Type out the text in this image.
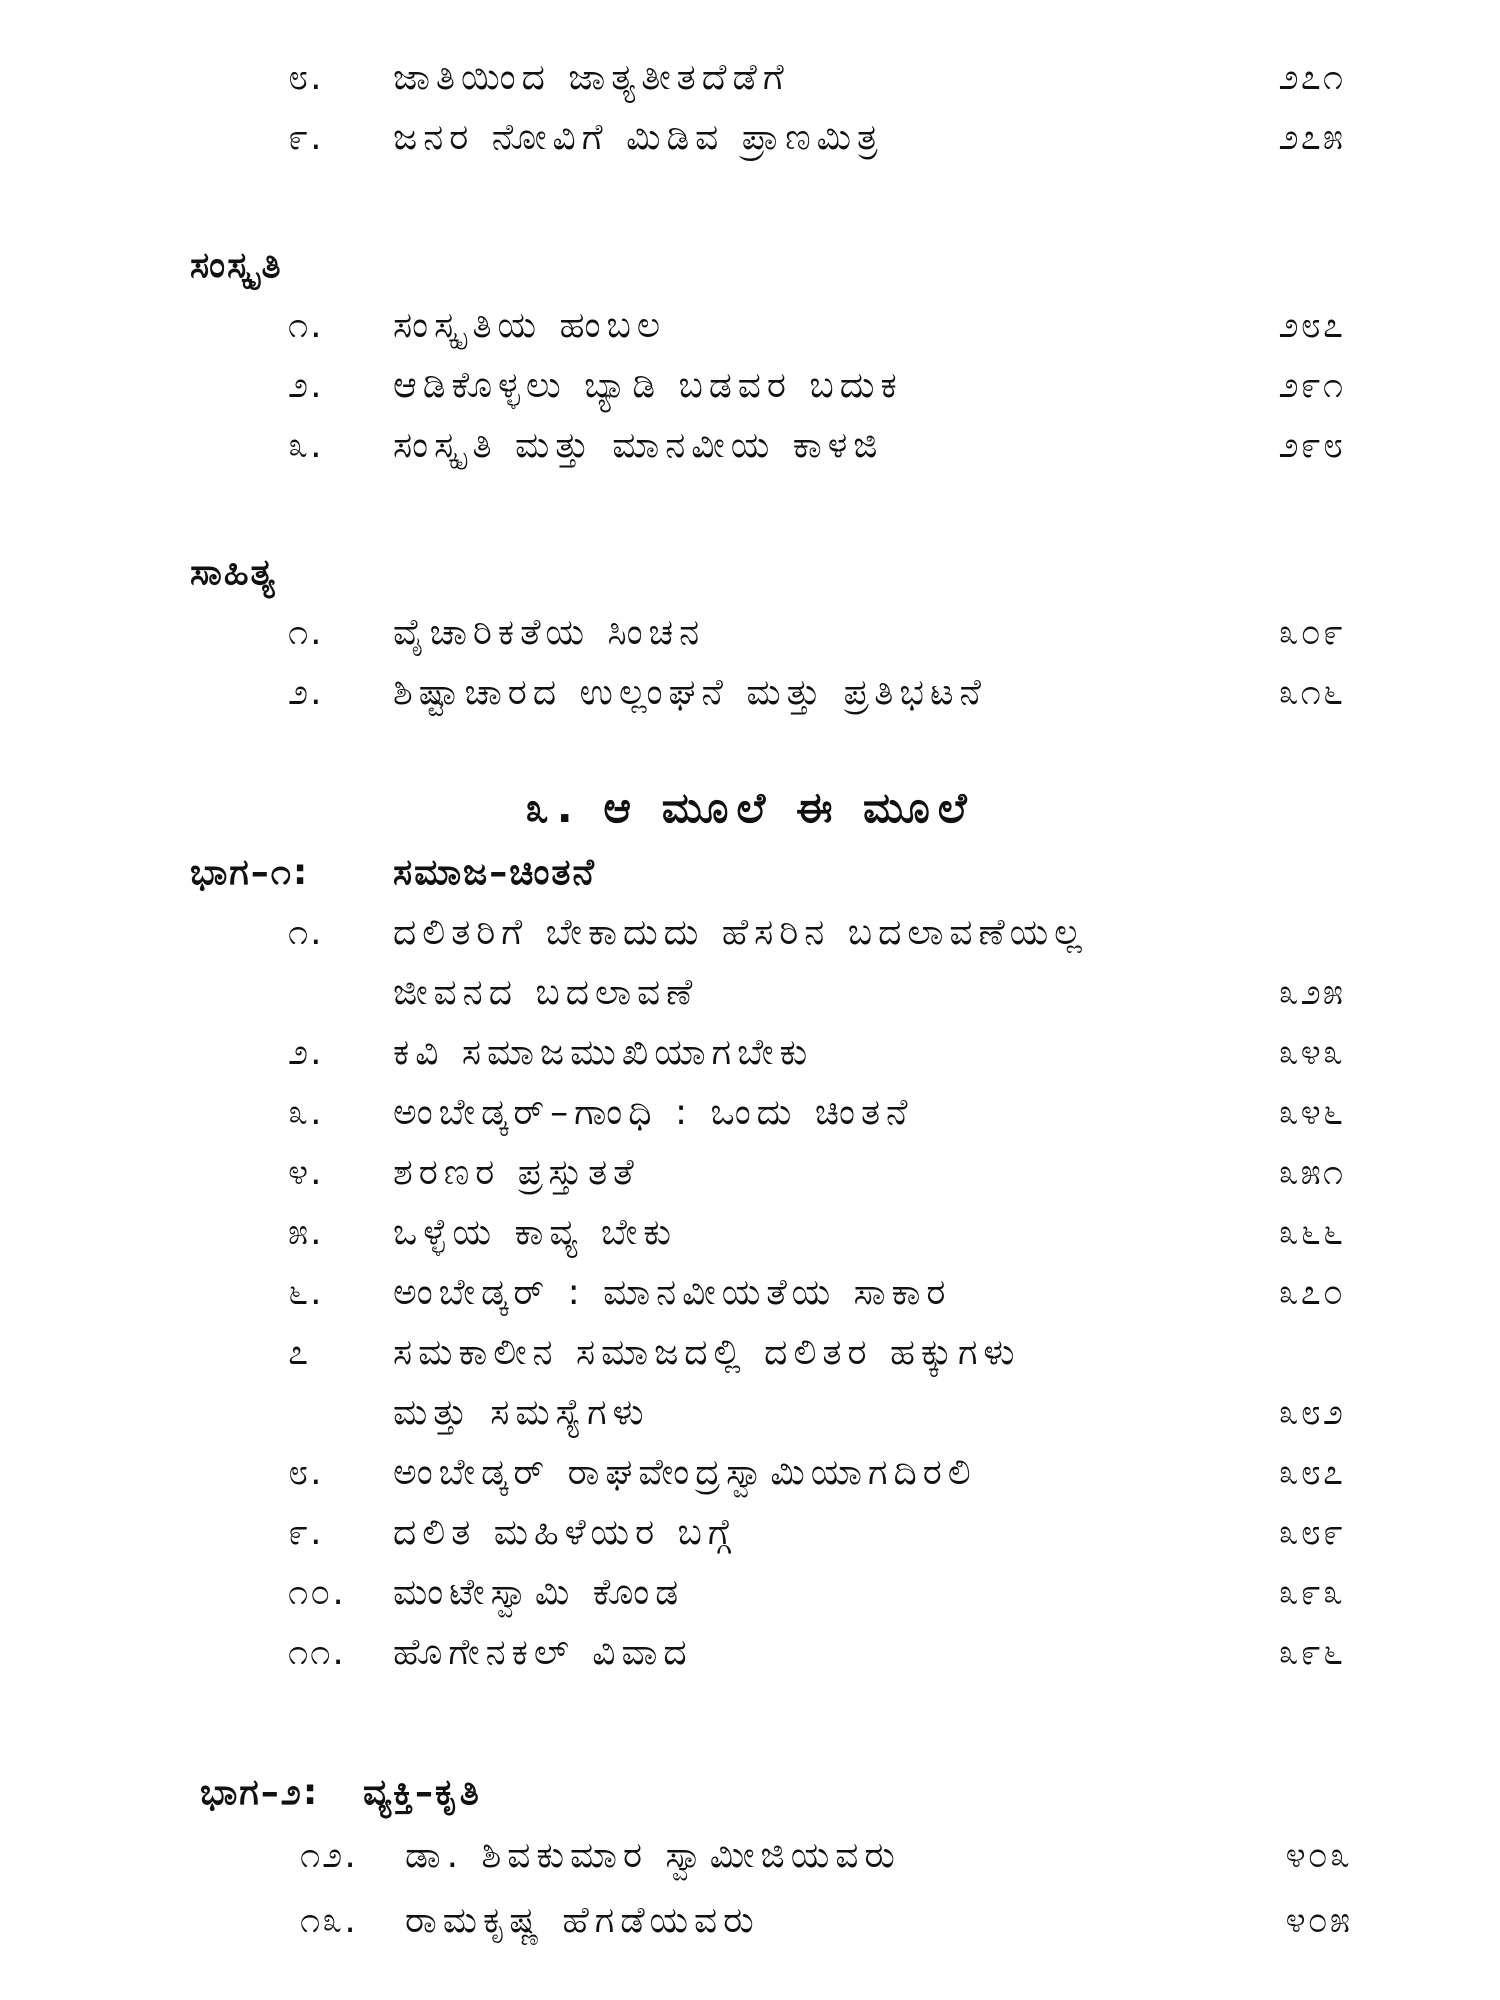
೮. ಜಾತಿಯಿಂದ ಜಾತ್ಯತೀತದೆಡೆಗೆ	೨೭೧
೯. ಜನರ ನೋವಿಗೆ ಮಿಡಿವ ಪ್ರಾಣಮಿತ್ರ	೨೭೫
ಸಂಸ್ಕೃತಿ
೧. ಸಂಸ್ಕೃತಿಯ ಹಂಬಲ	೨೮೭
೨. ಆಡಿಕೊಳ್ಳಲು ಬ್ಯಾಡಿ ಬಡವರ ಬದುಕ	೨೯೧
೩. ಸಂಸ್ಕೃತಿ ಮತ್ತು ಮಾನವೀಯ ಕಾಳಜಿ	೨೯೮
ಸಾಹಿತ್ಯ
೧. ವೈಚಾರಿಕತೆಯ ಸಿಂಚನ	೩೦೯
೨. ಶಿಷ್ಟಾಚಾರದ ಉಲ್ಲಂಘನೆ ಮತ್ತು ಪ್ರತಿಭಟನೆ	೩೧೬
೩. ಆ ಮೂಲೆ ಈ ಮೂಲೆ
ಭಾಗ–೧: ಸಮಾಜ–ಚಿಂತನೆ
೧. ದಲಿತರಿಗೆ ಬೇಕಾದುದು ಹೆಸರಿನ ಬದಲಾವಣೆಯಲ್ಲ
ಜೀವನದ ಬದಲಾವಣೆ	೩೨೫
೨. ಕವಿ ಸಮಾಜಮುಖಿಯಾಗಬೇಕು	೩೪೩
೩. ಅಂಬೇಡ್ಕರ್–ಗಾಂಧಿ : ಒಂದು ಚಿಂತನೆ	೩೪೬
೪. ಶರಣರ ಪ್ರಸ್ತುತತೆ	೩೫೧
೫. ಒಳ್ಳೆಯ ಕಾವ್ಯ ಬೇಕು	೩೬೬
೬. ಅಂಬೇಡ್ಕರ್ : ಮಾನವೀಯತೆಯ ಸಾಕಾರ	೩೭೦
೭ ಸಮಕಾಲೀನ ಸಮಾಜದಲ್ಲಿ ದಲಿತರ ಹಕ್ಕುಗಳು
ಮತ್ತು ಸಮಸ್ಯೆಗಳು	೩೮೨
೮. ಅಂಬೇಡ್ಕರ್ ರಾಘವೇಂದ್ರಸ್ವಾಮಿಯಾಗದಿರಲಿ	೩೮೭
೯. ದಲಿತ ಮಹಿಳೆಯರ ಬಗ್ಗೆ	೩೮೯
೧೦. ಮಂಟೇಸ್ವಾಮಿ ಕೊಂಡ	೩೯೩
೧೧. ಹೊಗೇನಕಲ್ ವಿವಾದ	೩೯೬
ಭಾಗ–೨: ವ್ಯಕ್ತಿ–ಕೃತಿ
೧೨. ಡಾ. ಶಿವಕುಮಾರ ಸ್ವಾಮೀಜಿಯವರು	೪೦೩
೧೩. ರಾಮಕೃಷ್ಣ ಹೆಗಡೆಯವರು	೪೦೫
